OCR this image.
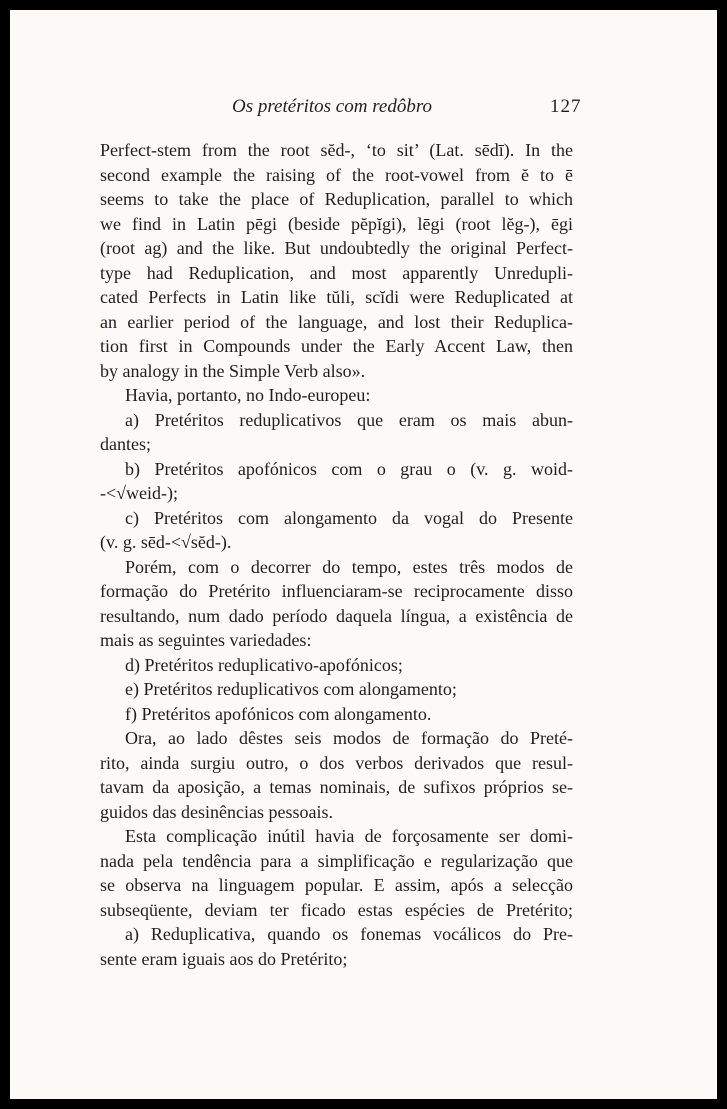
Os pretéritos com redôbro	127
Perfect-stem from the root sĕd-, ‘to sit’ (Lat. sēdī). In the
second example the raising of the root-vowel from ĕ to ē
seems to take the place of Reduplication, parallel to which
we find in Latin pēgi (beside pĕpĭgi), lēgi (root lĕg-), ēgi
(root ag) and the like. But undoubtedly the original Perfect-
type had Reduplication, and most apparently Unredupli-
cated Perfects in Latin like tŭli, scĭdi were Reduplicated at
an earlier period of the language, and lost their Reduplica-
tion first in Compounds under the Early Accent Law, then
by analogy in the Simple Verb also».
Havia, portanto, no Indo-europeu:
a) Pretéritos reduplicativos que eram os mais abun-
dantes;
b) Pretéritos apofónicos com o grau o (v. g. woid-
-<√weid-);
c) Pretéritos com alongamento da vogal do Presente
(v. g. sēd-<√sĕd-).
Porém, com o decorrer do tempo, estes três modos de
formação do Pretérito influenciaram-se reciprocamente disso
resultando, num dado período daquela língua, a existência de
mais as seguintes variedades:
d) Pretéritos reduplicativo-apofónicos;
e) Pretéritos reduplicativos com alongamento;
f) Pretéritos apofónicos com alongamento.
Ora, ao lado dêstes seis modos de formação do Preté-
rito, ainda surgiu outro, o dos verbos derivados que resul-
tavam da aposição, a temas nominais, de sufixos próprios se-
guidos das desinências pessoais.
Esta complicação inútil havia de forçosamente ser domi-
nada pela tendência para a simplificação e regularização que
se observa na linguagem popular. E assim, após a selecção
subseqüente, deviam ter ficado estas espécies de Pretérito;
a) Reduplicativa, quando os fonemas vocálicos do Pre-
sente eram iguais aos do Pretérito;
